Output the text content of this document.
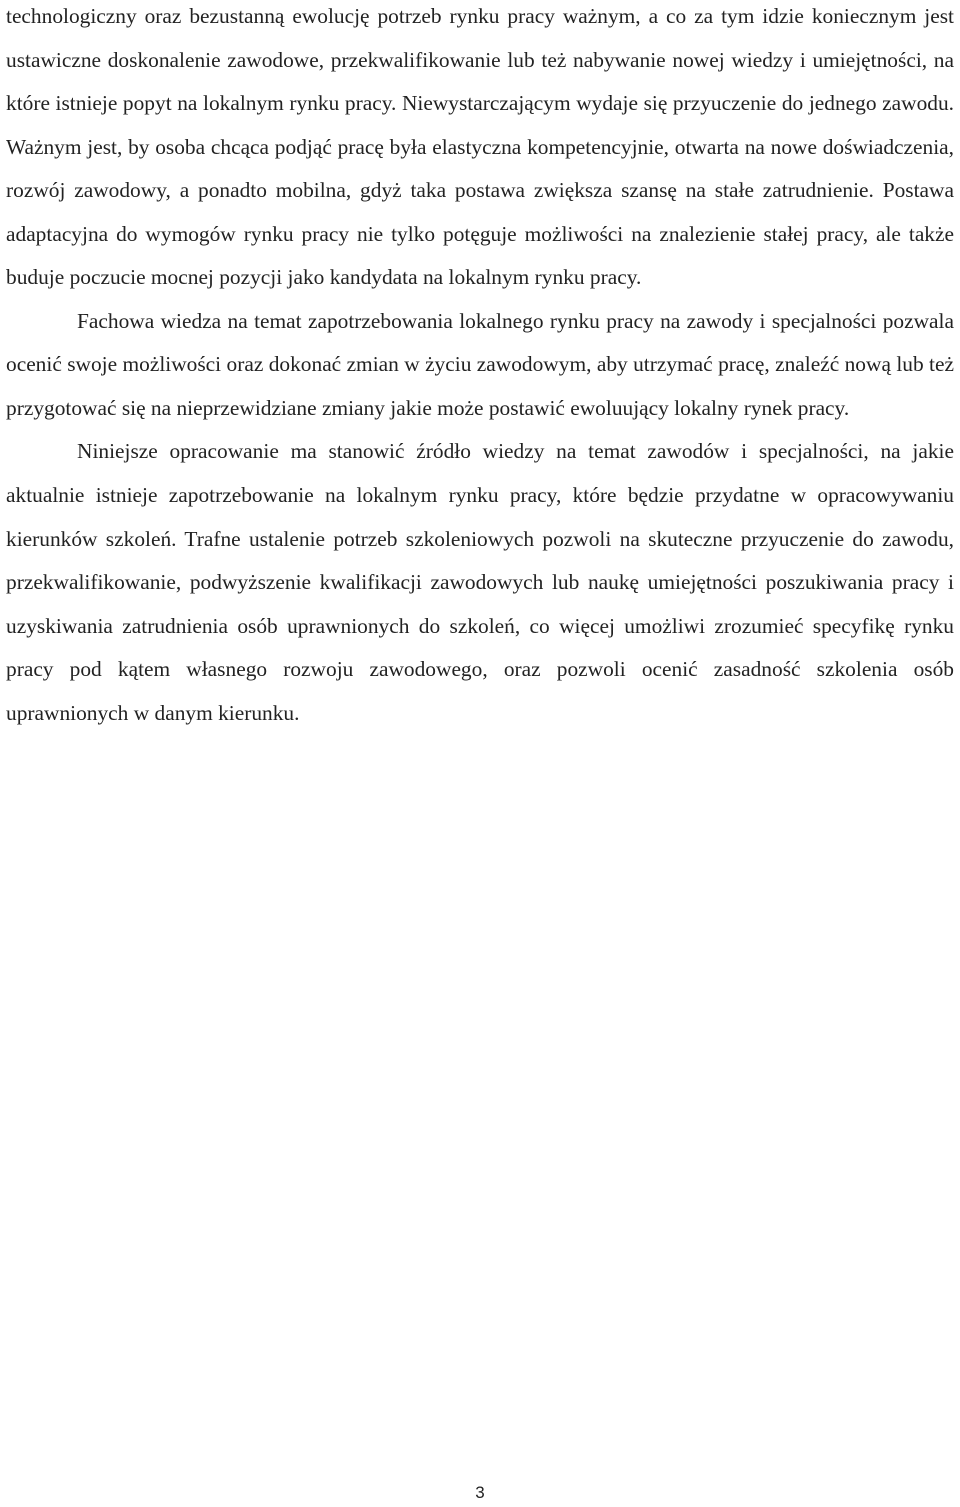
technologiczny oraz bezustanną ewolucję potrzeb rynku pracy ważnym, a co za tym idzie koniecznym jest ustawiczne doskonalenie zawodowe, przekwalifikowanie lub też nabywanie nowej wiedzy i umiejętności, na które istnieje popyt na lokalnym rynku pracy. Niewystarczającym wydaje się przyuczenie do jednego zawodu. Ważnym jest, by osoba chcąca podjąć pracę była elastyczna kompetencyjnie, otwarta na nowe doświadczenia, rozwój zawodowy, a ponadto mobilna, gdyż taka postawa zwiększa szansę na stałe zatrudnienie. Postawa adaptacyjna do wymogów rynku pracy nie tylko potęguje możliwości na znalezienie stałej pracy, ale także buduje poczucie mocnej pozycji jako kandydata na lokalnym rynku pracy.

Fachowa wiedza na temat zapotrzebowania lokalnego rynku pracy na zawody i specjalności pozwala ocenić swoje możliwości oraz dokonać zmian w życiu zawodowym, aby utrzymać pracę, znaleźć nową lub też przygotować się na nieprzewidziane zmiany jakie może postawić ewoluujący lokalny rynek pracy.

Niniejsze opracowanie ma stanowić źródło wiedzy na temat zawodów i specjalności, na jakie aktualnie istnieje zapotrzebowanie na lokalnym rynku pracy, które będzie przydatne w opracowywaniu kierunków szkoleń. Trafne ustalenie potrzeb szkoleniowych pozwoli na skuteczne przyuczenie do zawodu, przekwalifikowanie, podwyższenie kwalifikacji zawodowych lub naukę umiejętności poszukiwania pracy i uzyskiwania zatrudnienia osób uprawnionych do szkoleń, co więcej umożliwi zrozumieć specyfikę rynku pracy pod kątem własnego rozwoju zawodowego, oraz pozwoli ocenić zasadność szkolenia osób uprawnionych w danym kierunku.

3
